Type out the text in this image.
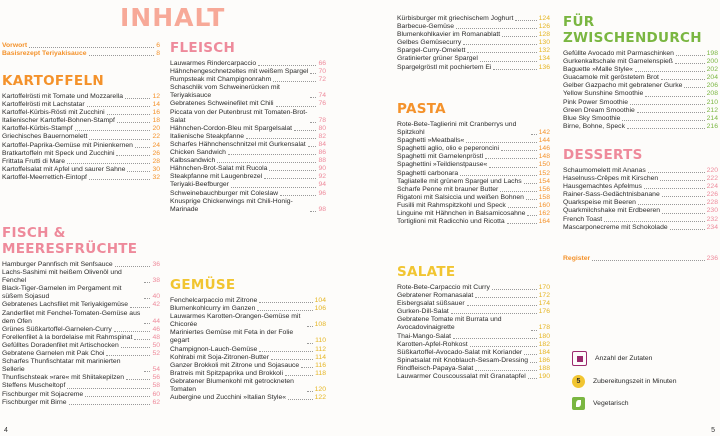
INHALT
Vorwort	6
Basisrezept Teriyakisauce	8
KARTOFFELN
Kartoffelrösti mit Tomate und Mozzarella	12
Kartoffelrösti mit Lachstatar	14
Kartoffel-Kürbis-Rösti mit Zucchini	16
Italienischer Kartoffel-Bohnen-Stampf	18
Kartoffel-Kürbis-Stampf	20
Griechisches Bauernomelett	22
Kartoffel-Paprika-Gemüse mit Pinienkernen	24
Bratkartoffeln mit Speck und Zucchini	26
Frittata Frutti di Mare	28
Kartoffelsalat mit Apfel und saurer Sahne	30
Kartoffel-Meerrettich-Eintopf	32
FISCH & MEERESFRÜCHTE
Hamburger Pannfisch mit Senfsauce	36
Lachs-Sashimi mit heißem Olivenöl und Fenchel	38
Black-Tiger-Garnelen im Pergament mit süßem Sojasud	40
Gebratenes Lachsfilet mit Teriyakigemüse	42
Zanderfilet mit Fenchel-Tomaten-Gemüse aus dem Ofen	44
Grünes Süßkartoffel-Garnelen-Curry	46
Forellenfilet à la bordelaise mit Rahmspinat	48
Gefülltes Doradenfilet mit Artischocken	50
Gebratene Garnelen mit Pak Choi	52
Scharfes Thunfischtatar mit marinierten Sellerie	54
Thunfischsteak »rare« mit Shiitakepilzen	56
Steffens Muscheltopf	58
Fischburger mit Sojacreme	60
Fischburger mit Birne	62
FLEISCH
Lauwarmes Rindercarpaccio	66
Hähnchengeschnetzeltes mit weißem Spargel 70
Rumpsteak mit Champignonrahm	72
Schaschlik vom Schweinerücken mit Teriyakisauce	74
Gebratenes Schweinefilet mit Chili	76
Piccata von der Putenbrust mit Tomaten-Brot-Salat	78
Hähnchen-Cordon-Bleu mit Spargelsalat	80
Italienische Steakpfanne	82
Scharfes Hähnchenschnitzel mit Gurkensalat 84
Chicken Sandwich	86
Kalbssandwich	88
Hähnchen-Brot-Salat mit Rucola	90
Steakpfanne mit Laugenbrezel	92
Teriyaki-Beefburger	94
Schweinebauchburger mit Coleslaw	96
Knusprige Chickenwings mit Chili-Honig-Marinade	98
GEMÜSE
Fenchelcarpaccio mit Zitrone	104
Blumenkohlcurry im Ganzen	106
Lauwarmes Karotten-Orangen-Gemüse mit Chicorée	108
Mariniertes Gemüse mit Feta in der Folie gegart	110
Champignon-Lauch-Gemüse	112
Kohlrabi mit Soja-Zitronen-Butter	114
Ganzer Brokkoli mit Zitrone und Sojasauce 116
Bratreis mit Spitzpaprika und Brokkoli	118
Gebratener Blumenkohl mit getrockneten Tomaten	120
Aubergine und Zucchini »Italian Style«	122
Kürbisburger mit griechischem Joghurt	124
Barbecue-Gemüse	126
Blumenkohlkavier im Romanablatt	128
Gelbes Gemüsecurry	130
Spargel-Curry-Omelett	132
Gratinierter grüner Spargel	134
Spargelgröstl mit pochiertem Ei	136
PASTA
Rote-Bete-Taglierini mit Cranberrys und Spitzkohl	142
Spaghetti »Meatballs«	144
Spaghetti aglio, olio e peperoncini	146
Spaghetti mit Garnelenpröstl	148
Spaghettini »Teildienstpause«	150
Spaghetti carbonara	152
Tagliatelle mit grünem Spargel und Lachs 154
Scharfe Penne mit brauner Butter	156
Rigatoni mit Salsiccia und weißen Bohnen 158
Fusilli mit Rahmspitzkohl und Speck	160
Linguine mit Hähnchen in Balsamicosahne 162
Tortiglioni mit Radicchio und Ricotta	164
SALATE
Rote-Bete-Carpaccio mit Curry	170
Gebratener Romanasalat	172
Eisbergsalat süßsauer	174
Gurken-Dill-Salat	176
Gebratene Tomate mit Burrata und Avocadovinaigrette	178
Thai-Mango-Salat	180
Karotten-Apfel-Rohkost	182
Süßkartoffel-Avocado-Salat mit Koriander 184
Spinatsalat mit Knoblauch-Sesam-Dressing 186
Rindfleisch-Papaya-Salat	188
Lauwarmer Couscoussalat mit Granatapfel 190
FÜR ZWISCHENDURCH
Gefüllte Avocado mit Parmaschinken	198
Gurkenkaltschale mit Garnelenspieß	200
Baguette »Malle Style«	202
Guacamole mit geröstetem Brot	204
Gelber Gazpacho mit gebratener Gurke	206
Yellow Sunshine Smoothie	208
Pink Power Smoothie	210
Green Dream Smoothie	212
Blue Sky Smoothie	214
Birne, Bohne, Speck	216
DESSERTS
Schaumomelett mit Ananas	220
Haselnuss-Crêpes mit Kirschen	222
Hausgemachtes Apfelmus	224
Rainer-Sass-Gedächtnisbanane	226
Quarkspeise mit Beeren	228
Quarkmilchshake mit Erdbeeren	230
French Toast	232
Mascarponecreme mit Schokolade	234
Register	236
Anzahl der Zutaten
5	Zubereitungszeit in Minuten
Vegetarisch
4	5
